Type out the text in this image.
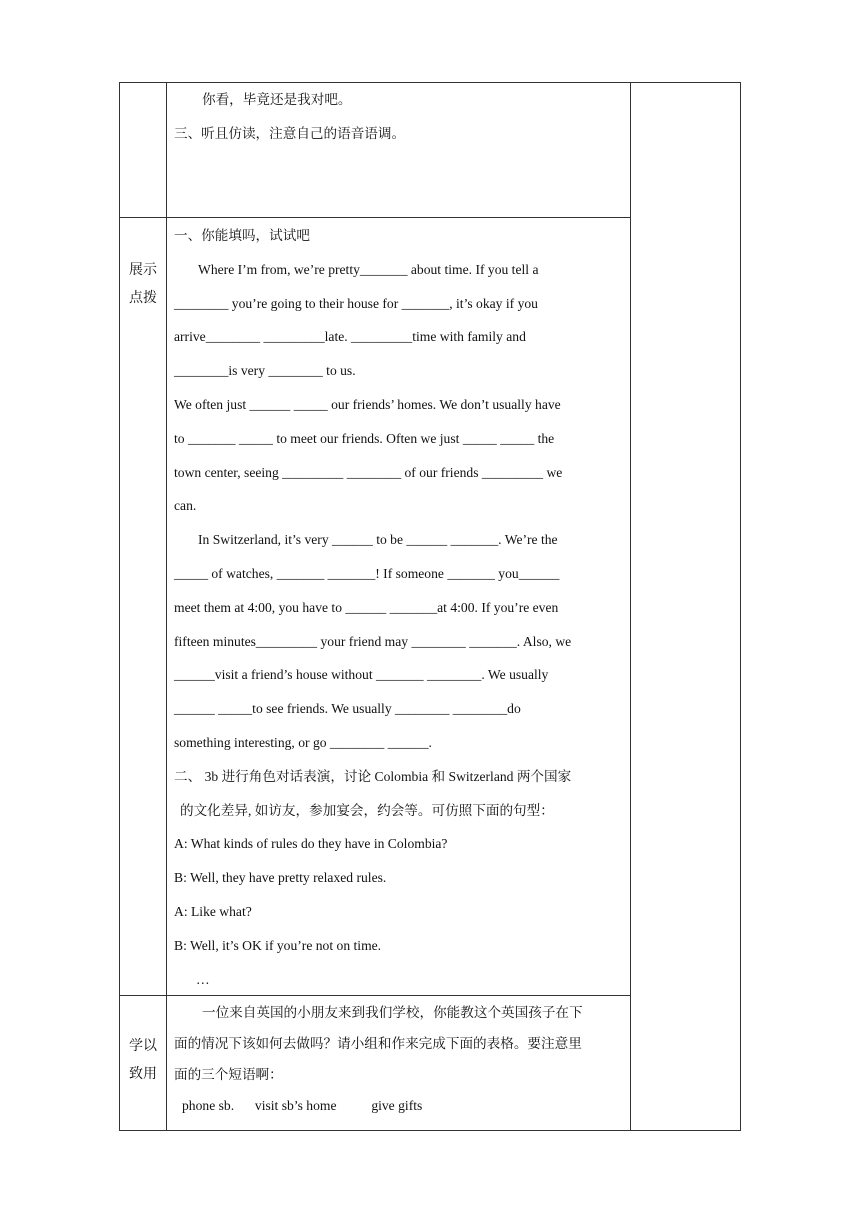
你看，毕竟还是我对吧。
三、听且仿读，注意自己的语音语调。
展示
点拨
一、你能填吗，试试吧
Where I’m from, we’re pretty_______ about time. If you tell a
________ you’re going to their house for _______, it’s okay if you
arrive________ _________late. _________time with family and
________is very ________ to us.
We often just ______ _____ our friends’ homes. We don’t usually have
to _______ _____ to meet our friends. Often we just _____ _____ the
town center, seeing _________ ________ of our friends _________ we
can.
In Switzerland, it’s very ______ to be ______ _______. We’re the
_____ of watches, _______ _______! If someone _______ you______
meet them at 4:00, you have to ______ _______at 4:00. If you’re even
fifteen minutes_________ your friend may ________ _______. Also, we
______visit a friend’s house without _______ ________. We usually
______ _____to see friends. We usually ________ ________do
something interesting, or go ________ ______.
二、 3b 进行角色对话表演，讨论 Colombia 和 Switzerland 两个国家
的文化差异, 如访友，参加宴会，约会等。可仿照下面的句型：
A: What kinds of rules do they have in Colombia?
B: Well, they have pretty relaxed rules.
A: Like what?
B: Well, it’s OK if you’re not on time.
…
学以
致用
一位来自英国的小朋友来到我们学校，你能教这个英国孩子在下
面的情况下该如何去做吗？请小组和作来完成下面的表格。要注意里
面的三个短语啊：
phone sb. visit sb’s home	give gifts
